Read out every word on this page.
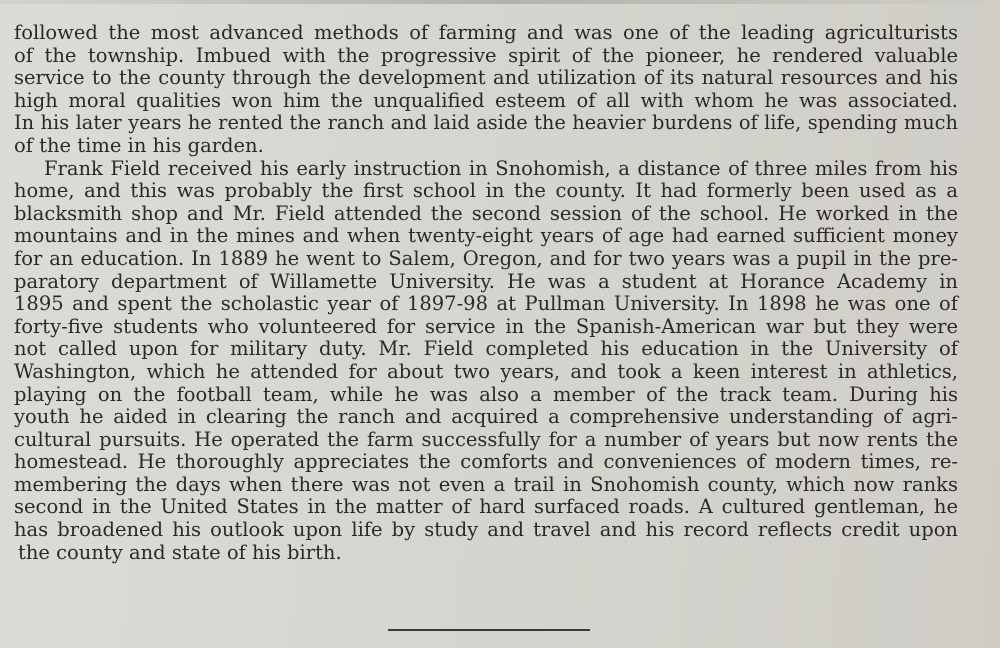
followed the most advanced methods of farming and was one of the leading agriculturists
of the township. Imbued with the progressive spirit of the pioneer, he rendered valuable
service to the county through the development and utilization of its natural resources and his
high moral qualities won him the unqualified esteem of all with whom he was associated.
In his later years he rented the ranch and laid aside the heavier burdens of life, spending much
of the time in his garden.
Frank Field received his early instruction in Snohomish, a distance of three miles from his
home, and this was probably the first school in the county. It had formerly been used as a
blacksmith shop and Mr. Field attended the second session of the school. He worked in the
mountains and in the mines and when twenty-eight years of age had earned sufficient money
for an education. In 1889 he went to Salem, Oregon, and for two years was a pupil in the pre-
paratory department of Willamette University. He was a student at Horance Academy in
1895 and spent the scholastic year of 1897-98 at Pullman University. In 1898 he was one of
forty-five students who volunteered for service in the Spanish-American war but they were
not called upon for military duty. Mr. Field completed his education in the University of
Washington, which he attended for about two years, and took a keen interest in athletics,
playing on the football team, while he was also a member of the track team. During his
youth he aided in clearing the ranch and acquired a comprehensive understanding of agri-
cultural pursuits. He operated the farm successfully for a number of years but now rents the
homestead. He thoroughly appreciates the comforts and conveniences of modern times, re-
membering the days when there was not even a trail in Snohomish county, which now ranks
second in the United States in the matter of hard surfaced roads. A cultured gentleman, he
has broadened his outlook upon life by study and travel and his record reflects credit upon
the county and state of his birth.
